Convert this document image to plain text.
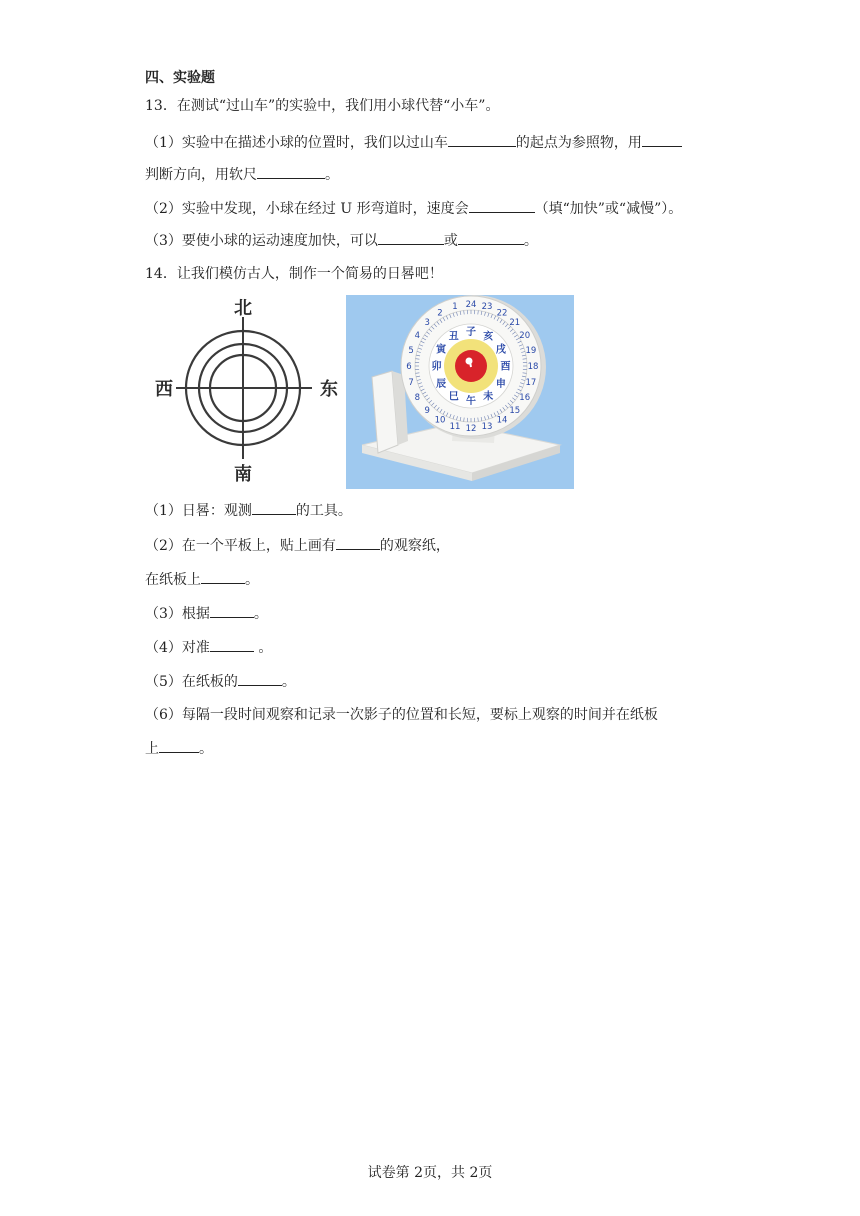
四、实验题
13．在测试“过山车”的实验中，我们用小球代替“小车”。
（1）实验中在描述小球的位置时，我们以过山车	的起点为参照物，用
判断方向，用软尺	。
（2）实验中发现，小球在经过 U 形弯道时，速度会	（填“加快”或“减慢”）。
（3）要使小球的运动速度加快，可以	或	。
14．让我们模仿古人，制作一个简易的日晷吧！
北
南
西	东
1
2
3
4
5
6
7
8
9
10
11 12 13
14
15
16
17
18
19
20
21
22
23
24
子
丑
寅
卯
辰
巳 午 未
申
酉
戌
亥
（1）日晷：观测	的工具。
（2）在一个平板上，贴上画有	的观察纸，
在纸板上	。
（3）根据	。
（4）对准	。
（5）在纸板的	。
（6）每隔一段时间观察和记录一次影子的位置和长短，要标上观察的时间并在纸板
上	。
试卷第 2页，共 2页
